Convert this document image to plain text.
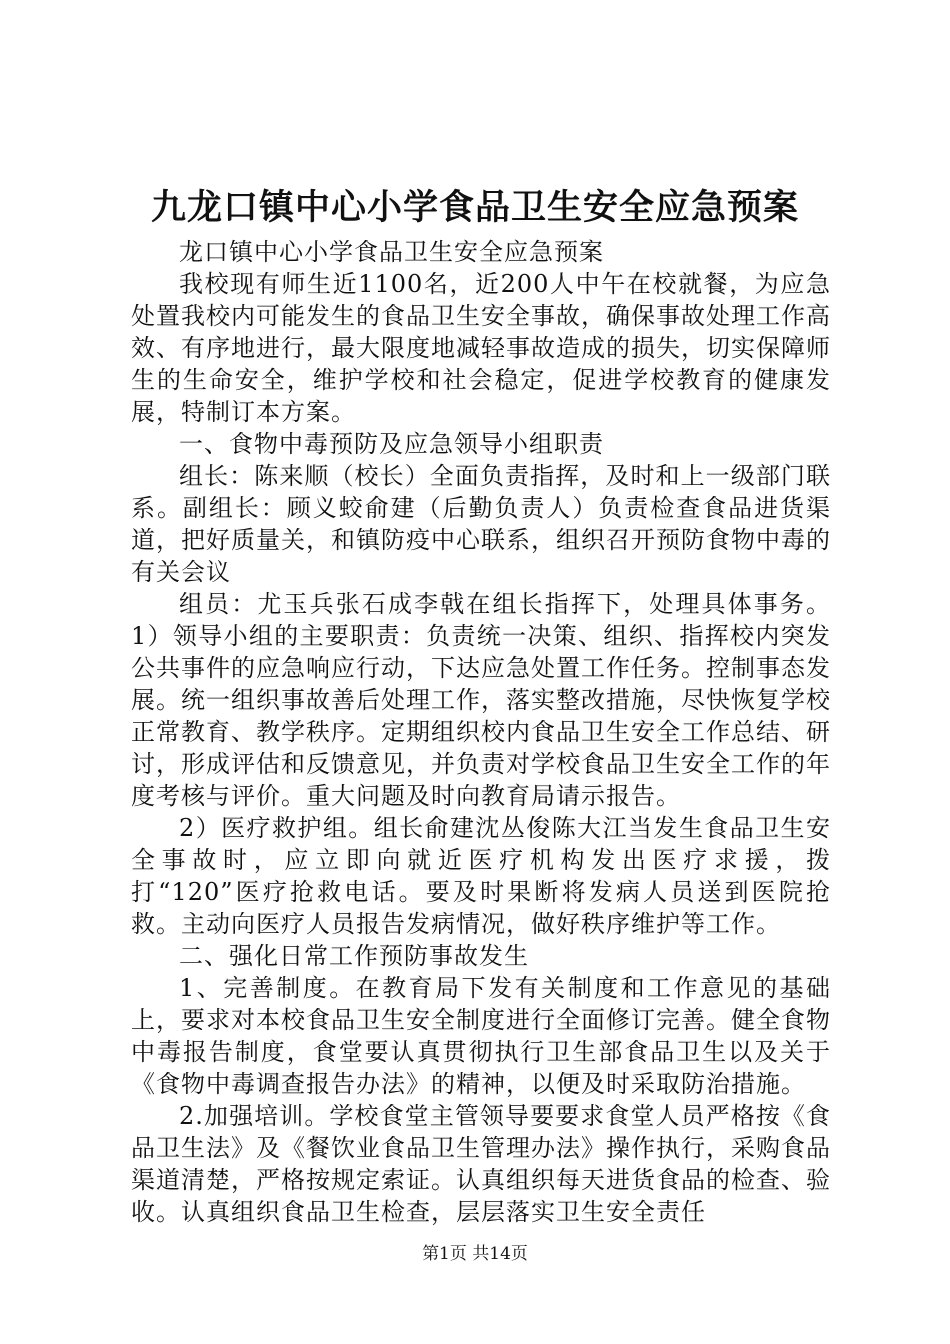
九龙口镇中心小学食品卫生安全应急预案

龙口镇中心小学食品卫生安全应急预案

我校现有师生近1100名，近200人中午在校就餐，为应急处置我校内可能发生的食品卫生安全事故，确保事故处理工作高效、有序地进行，最大限度地减轻事故造成的损失，切实保障师生的生命安全，维护学校和社会稳定，促进学校教育的健康发展，特制订本方案。

一、食物中毒预防及应急领导小组职责

组长：陈来顺（校长）全面负责指挥，及时和上一级部门联系。副组长：顾义蛟俞建（后勤负责人）负责检查食品进货渠道，把好质量关，和镇防疫中心联系，组织召开预防食物中毒的有关会议

组员：尤玉兵张石成李戟在组长指挥下，处理具体事务。1）领导小组的主要职责：负责统一决策、组织、指挥校内突发公共事件的应急响应行动，下达应急处置工作任务。控制事态发展。统一组织事故善后处理工作，落实整改措施，尽快恢复学校正常教育、教学秩序。定期组织校内食品卫生安全工作总结、研讨，形成评估和反馈意见，并负责对学校食品卫生安全工作的年度考核与评价。重大问题及时向教育局请示报告。

2）医疗救护组。组长俞建沈丛俊陈大江当发生食品卫生安全事故时，应立即向就近医疗机构发出医疗求援，拨打“120”医疗抢救电话。要及时果断将发病人员送到医院抢救。主动向医疗人员报告发病情况，做好秩序维护等工作。

二、强化日常工作预防事故发生

1、完善制度。在教育局下发有关制度和工作意见的基础上，要求对本校食品卫生安全制度进行全面修订完善。健全食物中毒报告制度，食堂要认真贯彻执行卫生部食品卫生以及关于《食物中毒调查报告办法》的精神，以便及时采取防治措施。

2.加强培训。学校食堂主管领导要要求食堂人员严格按《食品卫生法》及《餐饮业食品卫生管理办法》操作执行，采购食品渠道清楚，严格按规定索证。认真组织每天进货食品的检查、验收。认真组织食品卫生检查，层层落实卫生安全责任

第1页 共14页
